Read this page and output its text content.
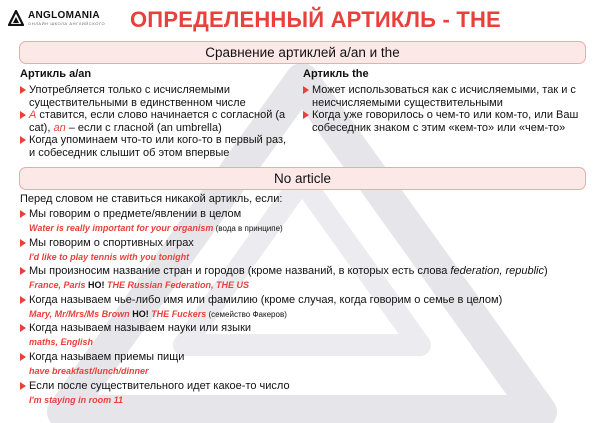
ANGLOMANIA
ОНЛАЙН ШКОЛА АНГЛИЙСКОГО ОПРЕДЕЛЕННЫЙ АРТИКЛЬ - THE
Сравнение артиклей a/an и the
Артикль a/an
Употребляется только с исчисляемыми существительными в единственном числе
A ставится, если слово начинается с согласной (a cat), an – если с гласной (an umbrella)
Когда упоминаем что-то или кого-то в первый раз, и собеседник слышит об этом впервые
Артикль the
Может использоваться как с исчисляемыми, так и с неисчисляемыми существительными
Когда уже говорилось о чем-то или ком-то, или Ваш собеседник знаком с этим «кем-то» или «чем-то»
No article
Перед словом не ставиться никакой артикль, если:
Мы говорим о предмете/явлении в целом
Water is really important for your organism (вода в принципе)
Мы говорим о спортивных играх
I'd like to play tennis with you tonight
Мы произносим название стран и городов (кроме названий, в которых есть слова federation, republic)
France, Paris НО! THE Russian Federation, THE US
Когда называем чье-либо имя или фамилию (кроме случая, когда говорим о семье в целом)
Mary, Mr/Mrs/Ms Brown НО! THE Fuckers (семейство Факеров)
Когда называем называем науки или языки
maths, English
Когда называем приемы пищи
have breakfast/lunch/dinner
Если после существительного идет какое-то число
I'm staying in room 11
